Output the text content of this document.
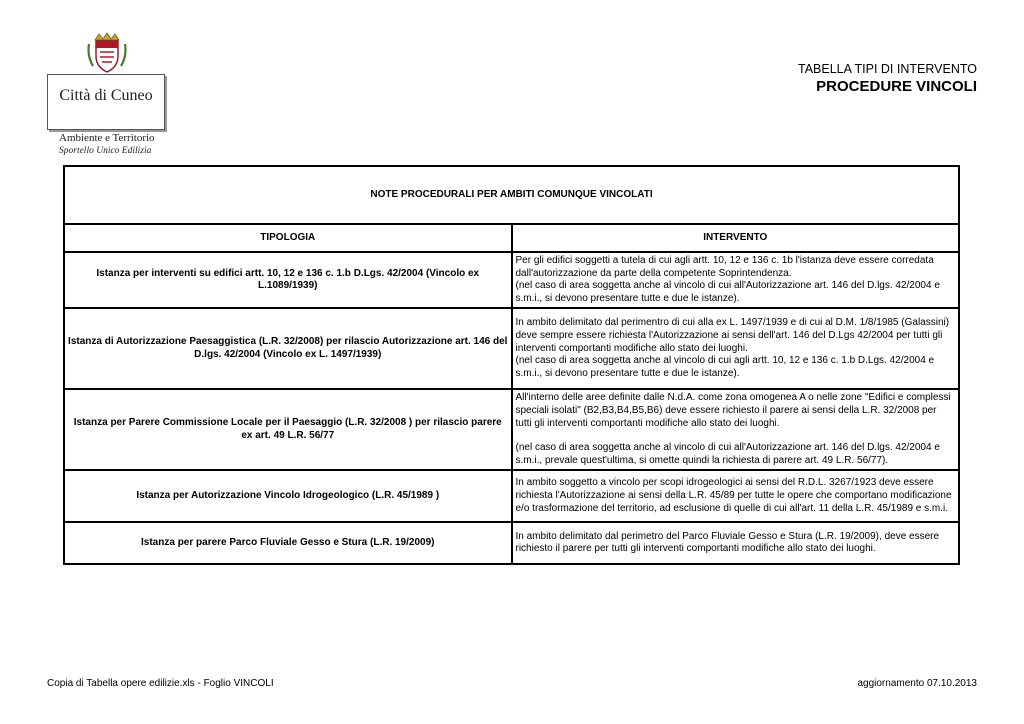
Città di Cuneo
Ambiente e Territorio
Sportello Unico Edilizia
TABELLA TIPI DI INTERVENTO
PROCEDURE VINCOLI
NOTE PROCEDURALI PER AMBITI COMUNQUE VINCOLATI	
TIPOLOGIA	INTERVENTO
Istanza per interventi su edifici artt. 10, 12 e 136 c. 1.b D.Lgs. 42/2004 (Vincolo ex L.1089/1939)	Per gli edifici soggetti a tutela di cui agli artt. 10, 12 e 136 c. 1b l'istanza deve essere corredata dall'autorizzazione da parte della competente Soprintendenza.

(nel caso di area soggetta anche al vincolo di cui all'Autorizzazione art. 146 del D.lgs. 42/2004 e s.m.i., si devono presentare tutte e due le istanze).

Istanza di Autorizzazione Paesaggistica (L.R. 32/2008) per rilascio Autorizzazione art. 146 del D.lgs. 42/2004 (Vincolo ex L. 1497/1939)	In ambito delimitato dal perimentro di cui alla ex L. 1497/1939 e di cui al D.M. 1/8/1985 (Galassini) deve sempre essere richiesta l'Autorizzazione ai sensi dell'art. 146 del D.Lgs 42/2004 per tutti gli interventi comportanti modifiche allo stato dei luoghi.

(nel caso di area soggetta anche al vincolo di cui agli artt. 10, 12 e 136 c. 1.b D.Lgs. 42/2004 e s.m.i., si devono presentare tutte e due le istanze).

Istanza per Parere Commissione Locale per il Paesaggio (L.R. 32/2008 ) per rilascio parere ex art. 49 L.R. 56/77	All'interno delle aree definite dalle N.d.A. come zona omogenea A o nelle zone "Edifici e complessi speciali isolati" (B2,B3,B4,B5,B6) deve essere richiesto il parere ai sensi della L.R. 32/2008 per tutti gli interventi comportanti modifiche allo stato dei luoghi.

(nel caso di area soggetta anche al vincolo di cui all'Autorizzazione art. 146 del D.lgs. 42/2004 e s.m.i., prevale quest'ultima, si omette quindi la richiesta di parere art. 49 L.R. 56/77).

Istanza per Autorizzazione Vincolo Idrogeologico (L.R. 45/1989 )	In ambito soggetto a vincolo per scopi idrogeologici ai sensi del R.D.L. 3267/1923 deve essere richiesta l'Autorizzazione ai sensi della L.R. 45/89 per tutte le opere che comportano modificazione e/o trasformazione del territorio, ad esclusione di quelle di cui all'art. 11 della L.R. 45/1989 e s.m.i.

Istanza per parere Parco Fluviale Gesso e Stura (L.R. 19/2009)	In ambito delimitato dal perimetro del Parco Fluviale Gesso e Stura (L.R. 19/2009), deve essere richiesto il parere per tutti gli interventi comportanti modifiche allo stato dei luoghi.

Copia di Tabella opere edilizie.xls - Foglio VINCOLI	aggiornamento 07.10.2013
